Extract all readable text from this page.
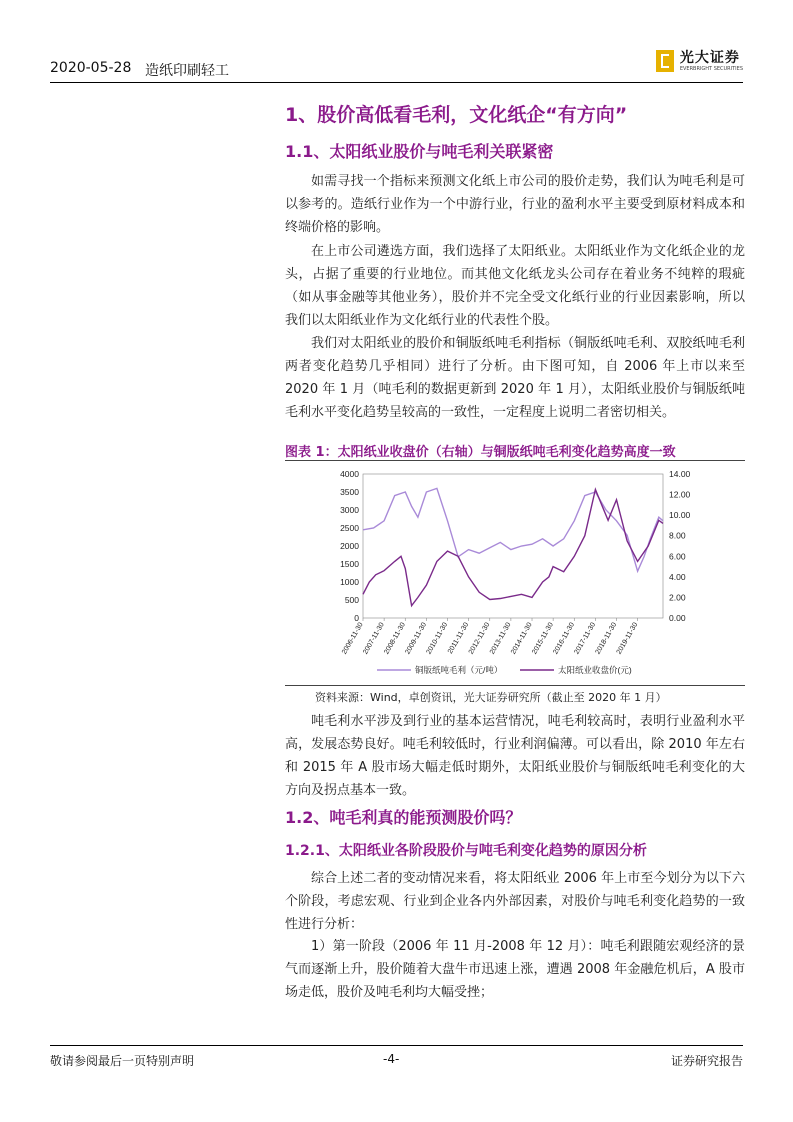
2020-05-28 造纸印刷轻工
光大证券
EVERBRIGHT SECURITIES
1、股价高低看毛利，文化纸企“有方向”
1.1、太阳纸业股价与吨毛利关联紧密

如需寻找一个指标来预测文化纸上市公司的股价走势，我们认为吨毛利是可以参考的。造纸行业作为一个中游行业，行业的盈利水平主要受到原材料成本和终端价格的影响。

在上市公司遴选方面，我们选择了太阳纸业。太阳纸业作为文化纸企业的龙头，占据了重要的行业地位。而其他文化纸龙头公司存在着业务不纯粹的瑕疵（如从事金融等其他业务），股价并不完全受文化纸行业的行业因素影响，所以我们以太阳纸业作为文化纸行业的代表性个股。

我们对太阳纸业的股价和铜版纸吨毛利指标（铜版纸吨毛利、双胶纸吨毛利两者变化趋势几乎相同）进行了分析。由下图可知，自 2006 年上市以来至 2020 年 1 月（吨毛利的数据更新到 2020 年 1 月），太阳纸业股价与铜版纸吨毛利水平变化趋势呈较高的一致性，一定程度上说明二者密切相关。

图表 1：太阳纸业收盘价（右轴）与铜版纸吨毛利变化趋势高度一致
0
500
1000
1500
2000
2500
3000
3500
4000
0.00
2.00
4.00
6.00
8.00
10.00
12.00
14.00
2006-11-30
2007-11-30
2008-11-30
2009-11-30
2010-11-30
2011-11-30
2012-11-30
2013-11-30
2014-11-30
2015-11-30
2016-11-30
2017-11-30
2018-11-30
2019-11-30
铜版纸吨毛利（元/吨）	太阳纸业收盘价(元)
资料来源：Wind，卓创资讯，光大证券研究所（截止至 2020 年 1 月）

吨毛利水平涉及到行业的基本运营情况，吨毛利较高时，表明行业盈利水平高，发展态势良好。吨毛利较低时，行业利润偏薄。可以看出，除 2010 年左右和 2015 年 A 股市场大幅走低时期外，太阳纸业股价与铜版纸吨毛利变化的大方向及拐点基本一致。

1.2、吨毛利真的能预测股价吗？
1.2.1、太阳纸业各阶段股价与吨毛利变化趋势的原因分析

综合上述二者的变动情况来看，将太阳纸业 2006 年上市至今划分为以下六个阶段，考虑宏观、行业到企业各内外部因素，对股价与吨毛利变化趋势的一致性进行分析：

1）第一阶段（2006 年 11 月-2008 年 12 月）：吨毛利跟随宏观经济的景气而逐渐上升，股价随着大盘牛市迅速上涨，遭遇 2008 年金融危机后，A 股市场走低，股价及吨毛利均大幅受挫；

敬请参阅最后一页特别声明	-4-	证券研究报告
